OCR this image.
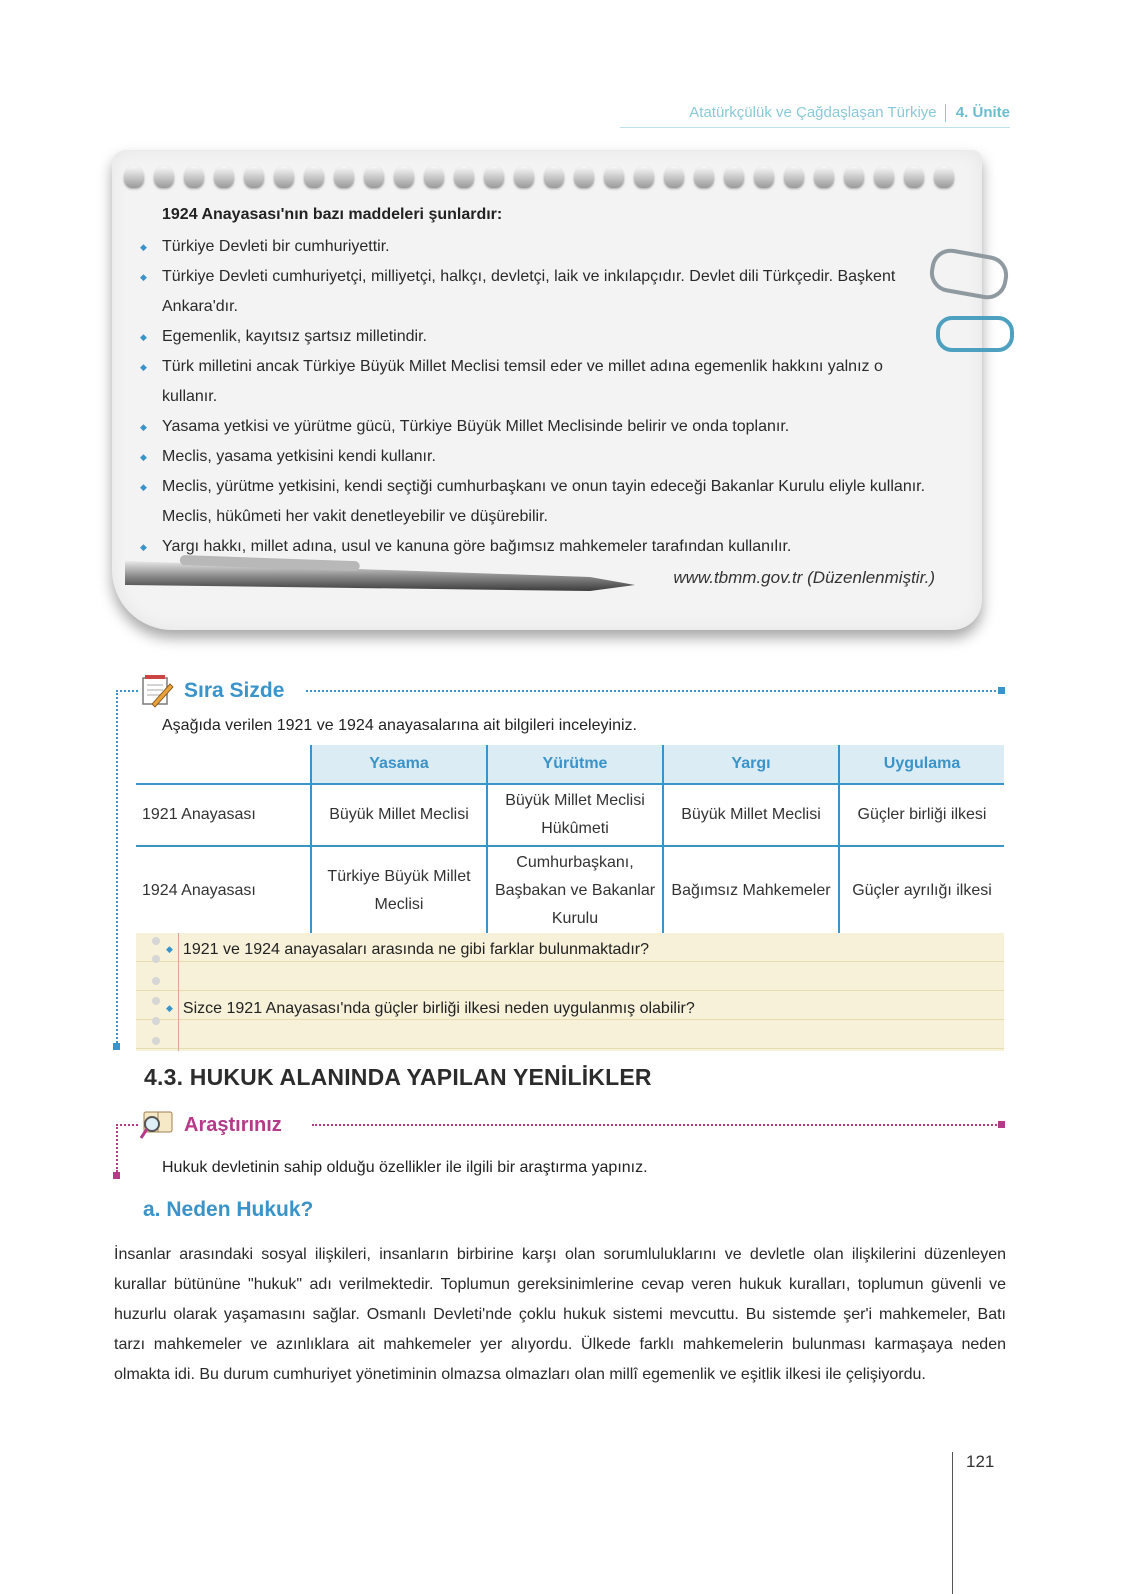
Atatürkçülük ve Çağdaşlaşan Türkiye 4. Ünite
1924 Anayasası'nın bazı maddeleri şunlardır:
◆ Türkiye Devleti bir cumhuriyettir.
◆ Türkiye Devleti cumhuriyetçi, milliyetçi, halkçı, devletçi, laik ve inkılapçıdır. Devlet dili Türkçedir. Başkent Ankara'dır.
◆ Egemenlik, kayıtsız şartsız milletindir.
◆ Türk milletini ancak Türkiye Büyük Millet Meclisi temsil eder ve millet adına egemenlik hakkını yalnız o kullanır.
◆ Yasama yetkisi ve yürütme gücü, Türkiye Büyük Millet Meclisinde belirir ve onda toplanır.
◆ Meclis, yasama yetkisini kendi kullanır.
◆ Meclis, yürütme yetkisini, kendi seçtiği cumhurbaşkanı ve onun tayin edeceği Bakanlar Kurulu eliyle kullanır. Meclis, hükûmeti her vakit denetleyebilir ve düşürebilir.
◆ Yargı hakkı, millet adına, usul ve kanuna göre bağımsız mahkemeler tarafından kullanılır.
www.tbmm.gov.tr (Düzenlenmiştir.)
Sıra Sizde
Aşağıda verilen 1921 ve 1924 anayasalarına ait bilgileri inceleyiniz.
	Yasama	Yürütme	Yargı	Uygulama
1921 Anayasası	Büyük Millet Meclisi	Büyük Millet Meclisi Hükûmeti	Büyük Millet Meclisi	Güçler birliği ilkesi
1924 Anayasası	Türkiye Büyük Millet Meclisi	Cumhurbaşkanı, Başbakan ve Bakanlar Kurulu	Bağımsız Mahkemeler	Güçler ayrılığı ilkesi
◆ 1921 ve 1924 anayasaları arasında ne gibi farklar bulunmaktadır?
◆ Sizce 1921 Anayasası'nda güçler birliği ilkesi neden uygulanmış olabilir?
4.3. HUKUK ALANINDA YAPILAN YENİLİKLER
Araştırınız
Hukuk devletinin sahip olduğu özellikler ile ilgili bir araştırma yapınız.
a. Neden Hukuk?
İnsanlar arasındaki sosyal ilişkileri, insanların birbirine karşı olan sorumluluklarını ve devletle olan ilişkilerini düzenleyen kurallar bütününe "hukuk" adı verilmektedir. Toplumun gereksinimlerine cevap veren hukuk kuralları, toplumun güvenli ve huzurlu olarak yaşamasını sağlar. Osmanlı Devleti'nde çoklu hukuk sistemi mevcuttu. Bu sistemde şer'i mahkemeler, Batı tarzı mahkemeler ve azınlıklara ait mahkemeler yer alıyordu. Ülkede farklı mahkemelerin bulunması karmaşaya neden olmakta idi. Bu durum cumhuriyet yönetiminin olmazsa olmazları olan millî egemenlik ve eşitlik ilkesi ile çelişiyordu.
121
